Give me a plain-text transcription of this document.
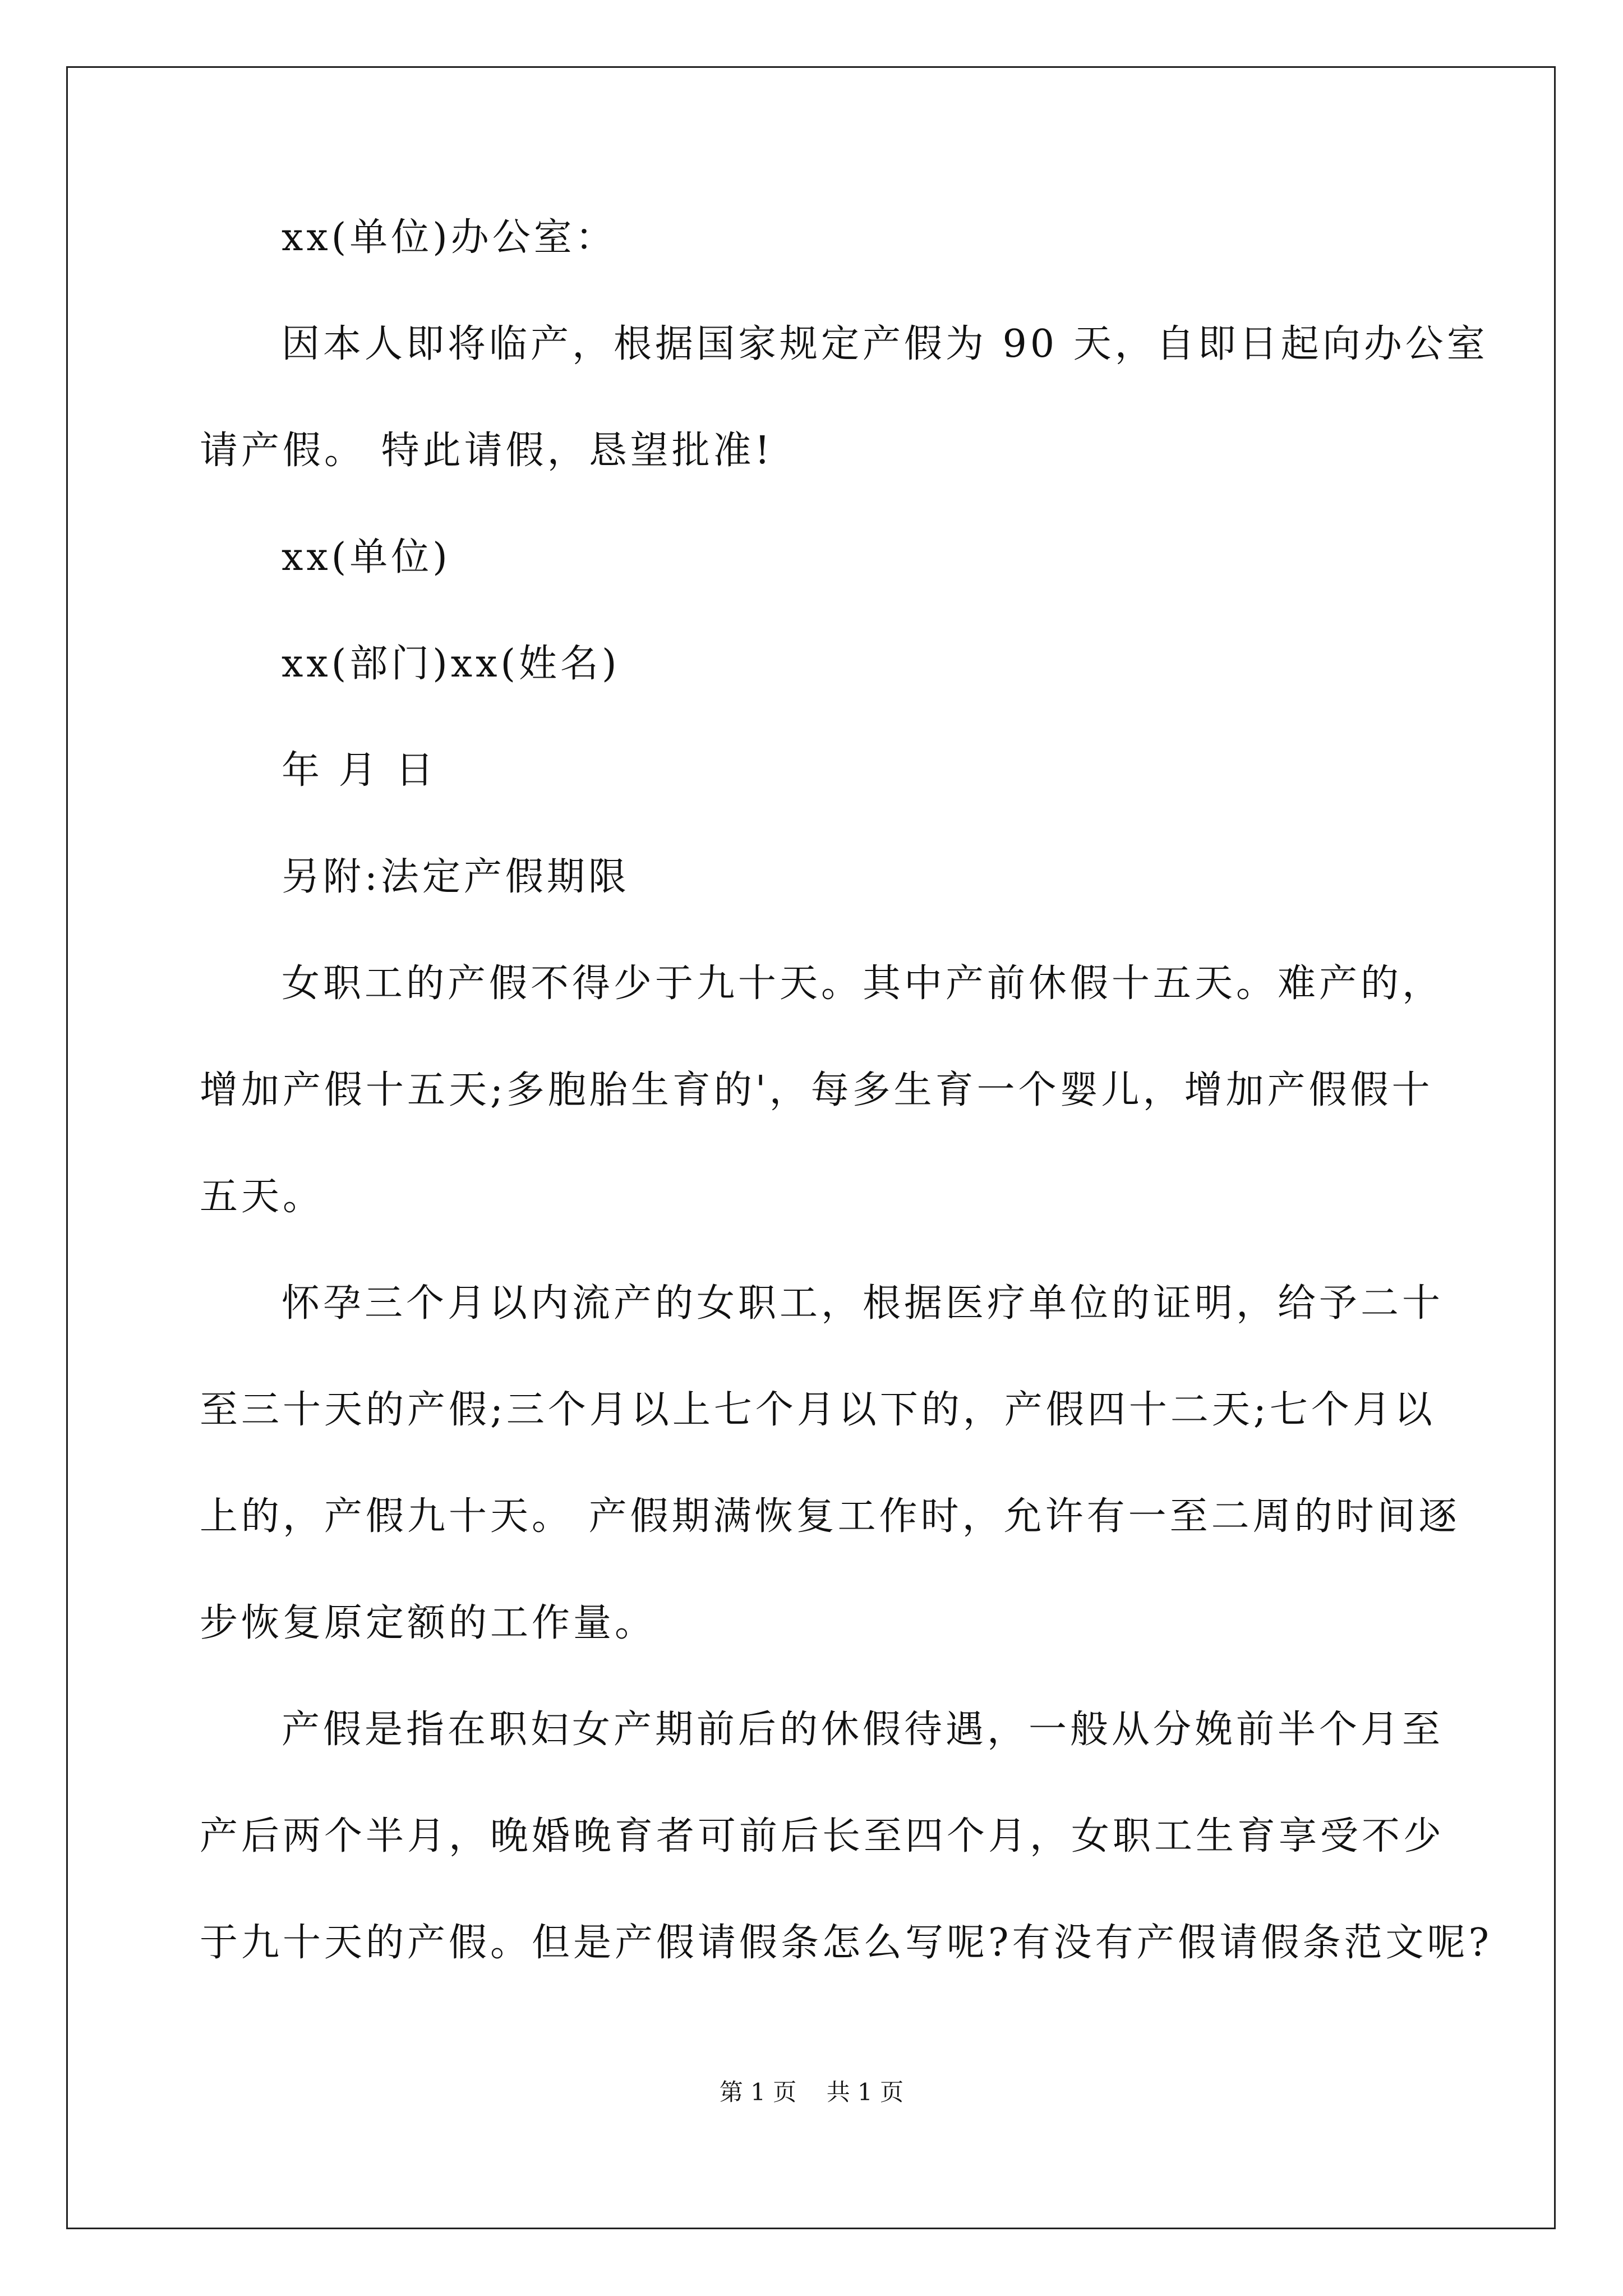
xx(单位)办公室：
因本人即将临产，根据国家规定产假为 90 天，自即日起向办公室
请产假。 特此请假，恳望批准!
xx(单位)
xx(部门)xx(姓名)
年 月 日
另附:法定产假期限
女职工的产假不得少于九十天。其中产前休假十五天。难产的，
增加产假十五天;多胞胎生育的'，每多生育一个婴儿，增加产假假十
五天。
怀孕三个月以内流产的女职工，根据医疗单位的证明，给予二十
至三十天的产假;三个月以上七个月以下的，产假四十二天;七个月以
上的，产假九十天。 产假期满恢复工作时，允许有一至二周的时间逐
步恢复原定额的工作量。
产假是指在职妇女产期前后的休假待遇，一般从分娩前半个月至
产后两个半月，晚婚晚育者可前后长至四个月，女职工生育享受不少
于九十天的产假。但是产假请假条怎么写呢?有没有产假请假条范文呢?
第 1 页    共 1 页
